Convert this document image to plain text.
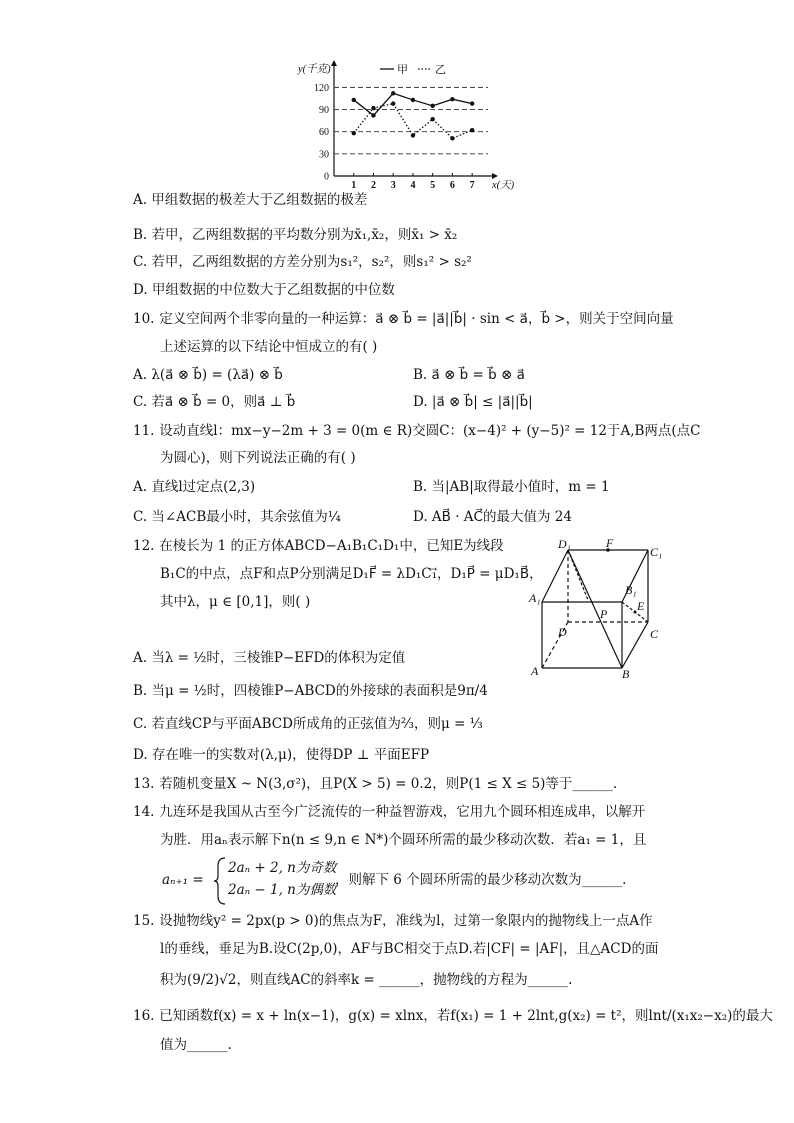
0
30
60
90
120
1 2 3 4 5 6 7
y(千克)
x(天)
甲 乙
A. 甲组数据的极差大于乙组数据的极差
B. 若甲，乙两组数据的平均数分别为x̄₁,x̄₂，则x̄₁ > x̄₂
C. 若甲，乙两组数据的方差分别为s₁²，s₂²，则s₁² > s₂²
D. 甲组数据的中位数大于乙组数据的中位数
10. 定义空间两个非零向量的一种运算：a⃗ ⊗ b⃗ = |a⃗||b⃗| · sin < a⃗，b⃗ >，则关于空间向量
上述运算的以下结论中恒成立的有( )
A. λ(a⃗ ⊗ b⃗) = (λa⃗) ⊗ b⃗	B. a⃗ ⊗ b⃗ = b⃗ ⊗ a⃗
C. 若a⃗ ⊗ b⃗ = 0，则a⃗ ⊥ b⃗	D. |a⃗ ⊗ b⃗| ≤ |a⃗||b⃗|
11. 设动直线l：mx−y−2m + 3 = 0(m ∈ R)交圆C：(x−4)² + (y−5)² = 12于A,B两点(点C
为圆心)，则下列说法正确的有( )
A. 直线l过定点(2,3)	B. 当|AB|取得最小值时，m = 1
C. 当∠ACB最小时，其余弦值为¼	D. AB⃗ · AC⃗的最大值为 24
12. 在棱长为 1 的正方体ABCD−A₁B₁C₁D₁中，已知E为线段
B₁C的中点，点F和点P分别满足D₁F⃗ = λD₁C₁⃗，D₁P⃗ = μD₁B⃗，
其中λ，μ ∈ [0,1]，则( )
D₁	F
C₁
A₁
B₁
E
P
D	C
A	B
A. 当λ = ½时，三棱锥P−EFD的体积为定值
B. 当μ = ½时，四棱锥P−ABCD的外接球的表面积是9π/4
C. 若直线CP与平面ABCD所成角的正弦值为⅔，则μ = ⅓
D. 存在唯一的实数对(λ,μ)，使得DP ⊥ 平面EFP
13. 若随机变量X ~ N(3,σ²)，且P(X > 5) = 0.2，则P(1 ≤ X ≤ 5)等于______.
14. 九连环是我国从古至今广泛流传的一种益智游戏，它用九个圆环相连成串，以解开
为胜．用aₙ表示解下n(n ≤ 9,n ∈ N*)个圆环所需的最少移动次数．若a₁ = 1，且
aₙ₊₁ =
2aₙ + 2, n为奇数
2aₙ − 1, n为偶数
，则解下 6 个圆环所需的最少移动次数为______.
15. 设抛物线y² = 2px(p > 0)的焦点为F，准线为l，过第一象限内的抛物线上一点A作
l的垂线，垂足为B.设C(2p,0)，AF与BC相交于点D.若|CF| = |AF|，且△ACD的面
积为(9/2)√2，则直线AC的斜率k = ______，抛物线的方程为______.
16. 已知函数f(x) = x + ln(x−1)，g(x) = xlnx，若f(x₁) = 1 + 2lnt,g(x₂) = t²，则lnt/(x₁x₂−x₂)的最大
值为______.
